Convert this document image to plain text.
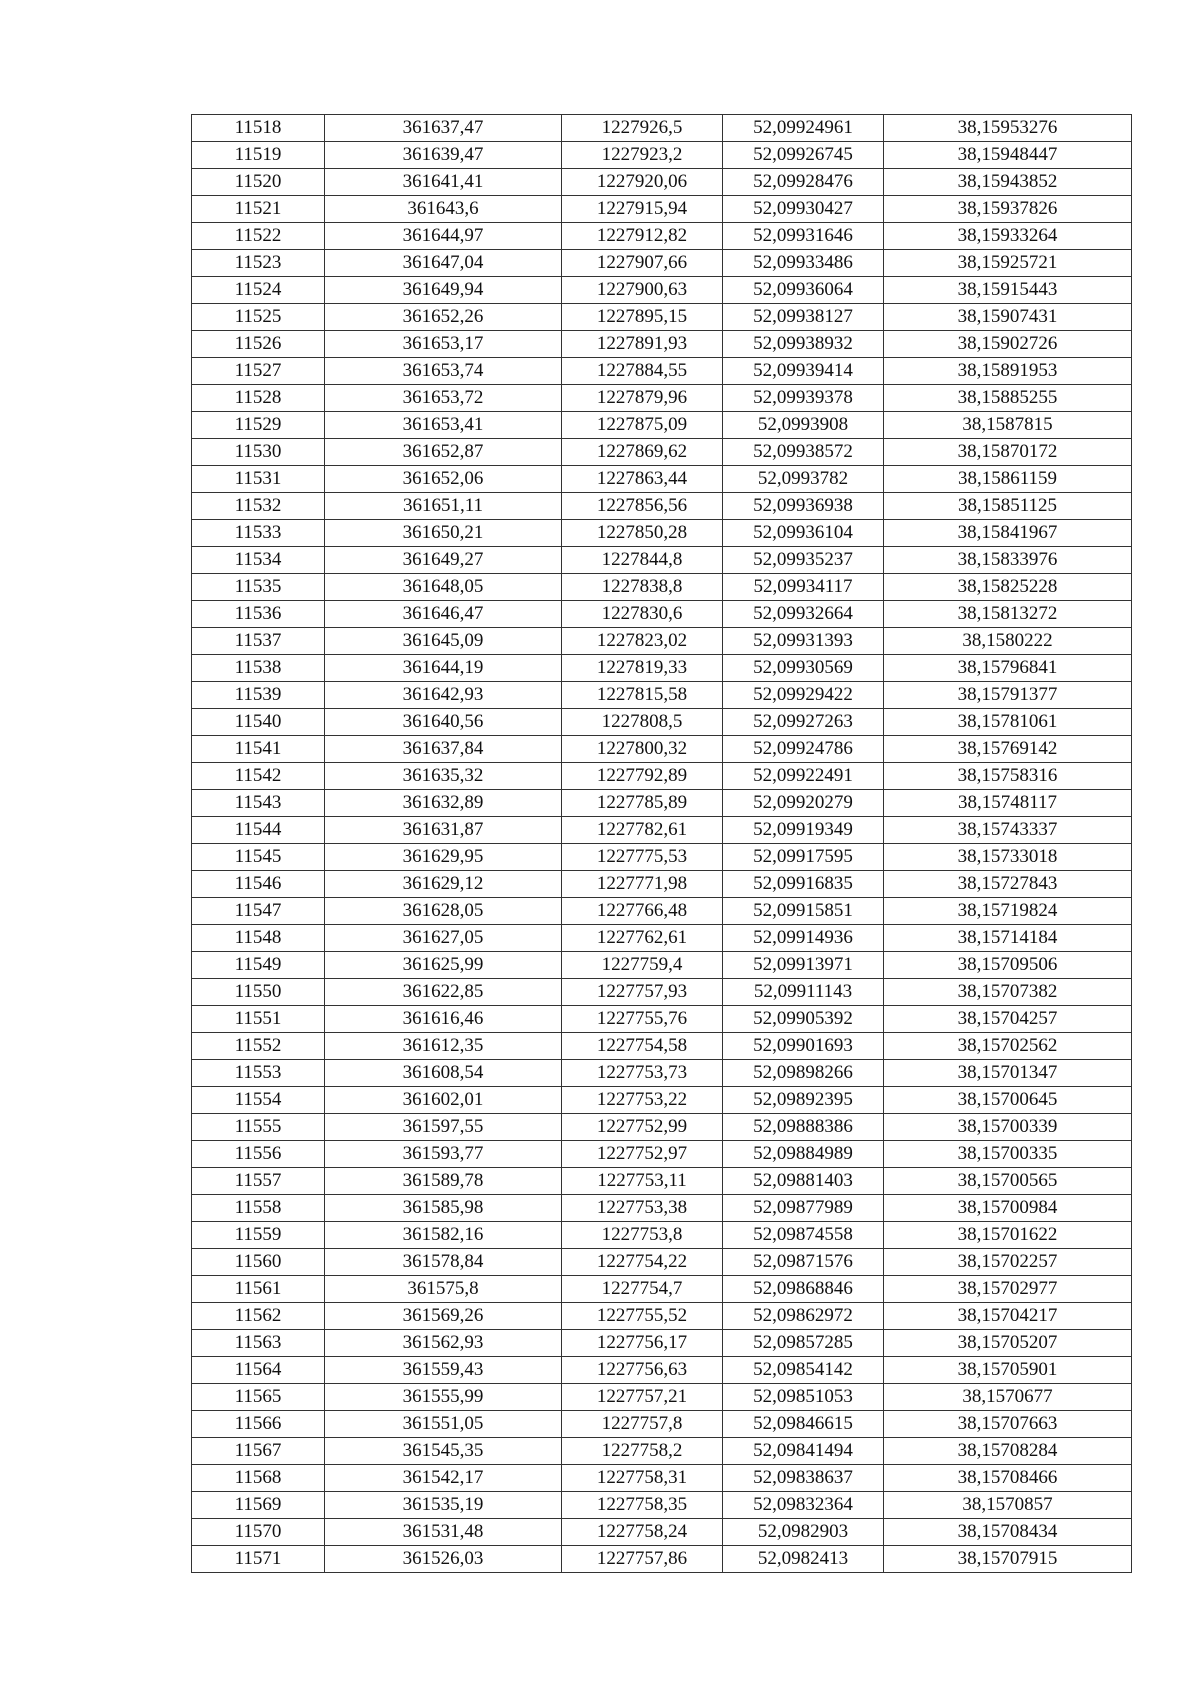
11518	361637,47	1227926,5	52,09924961	38,15953276
11519	361639,47	1227923,2	52,09926745	38,15948447
11520	361641,41	1227920,06	52,09928476	38,15943852
11521	361643,6	1227915,94	52,09930427	38,15937826
11522	361644,97	1227912,82	52,09931646	38,15933264
11523	361647,04	1227907,66	52,09933486	38,15925721
11524	361649,94	1227900,63	52,09936064	38,15915443
11525	361652,26	1227895,15	52,09938127	38,15907431
11526	361653,17	1227891,93	52,09938932	38,15902726
11527	361653,74	1227884,55	52,09939414	38,15891953
11528	361653,72	1227879,96	52,09939378	38,15885255
11529	361653,41	1227875,09	52,0993908	38,1587815
11530	361652,87	1227869,62	52,09938572	38,15870172
11531	361652,06	1227863,44	52,0993782	38,15861159
11532	361651,11	1227856,56	52,09936938	38,15851125
11533	361650,21	1227850,28	52,09936104	38,15841967
11534	361649,27	1227844,8	52,09935237	38,15833976
11535	361648,05	1227838,8	52,09934117	38,15825228
11536	361646,47	1227830,6	52,09932664	38,15813272
11537	361645,09	1227823,02	52,09931393	38,1580222
11538	361644,19	1227819,33	52,09930569	38,15796841
11539	361642,93	1227815,58	52,09929422	38,15791377
11540	361640,56	1227808,5	52,09927263	38,15781061
11541	361637,84	1227800,32	52,09924786	38,15769142
11542	361635,32	1227792,89	52,09922491	38,15758316
11543	361632,89	1227785,89	52,09920279	38,15748117
11544	361631,87	1227782,61	52,09919349	38,15743337
11545	361629,95	1227775,53	52,09917595	38,15733018
11546	361629,12	1227771,98	52,09916835	38,15727843
11547	361628,05	1227766,48	52,09915851	38,15719824
11548	361627,05	1227762,61	52,09914936	38,15714184
11549	361625,99	1227759,4	52,09913971	38,15709506
11550	361622,85	1227757,93	52,09911143	38,15707382
11551	361616,46	1227755,76	52,09905392	38,15704257
11552	361612,35	1227754,58	52,09901693	38,15702562
11553	361608,54	1227753,73	52,09898266	38,15701347
11554	361602,01	1227753,22	52,09892395	38,15700645
11555	361597,55	1227752,99	52,09888386	38,15700339
11556	361593,77	1227752,97	52,09884989	38,15700335
11557	361589,78	1227753,11	52,09881403	38,15700565
11558	361585,98	1227753,38	52,09877989	38,15700984
11559	361582,16	1227753,8	52,09874558	38,15701622
11560	361578,84	1227754,22	52,09871576	38,15702257
11561	361575,8	1227754,7	52,09868846	38,15702977
11562	361569,26	1227755,52	52,09862972	38,15704217
11563	361562,93	1227756,17	52,09857285	38,15705207
11564	361559,43	1227756,63	52,09854142	38,15705901
11565	361555,99	1227757,21	52,09851053	38,1570677
11566	361551,05	1227757,8	52,09846615	38,15707663
11567	361545,35	1227758,2	52,09841494	38,15708284
11568	361542,17	1227758,31	52,09838637	38,15708466
11569	361535,19	1227758,35	52,09832364	38,1570857
11570	361531,48	1227758,24	52,0982903	38,15708434
11571	361526,03	1227757,86	52,0982413	38,15707915
